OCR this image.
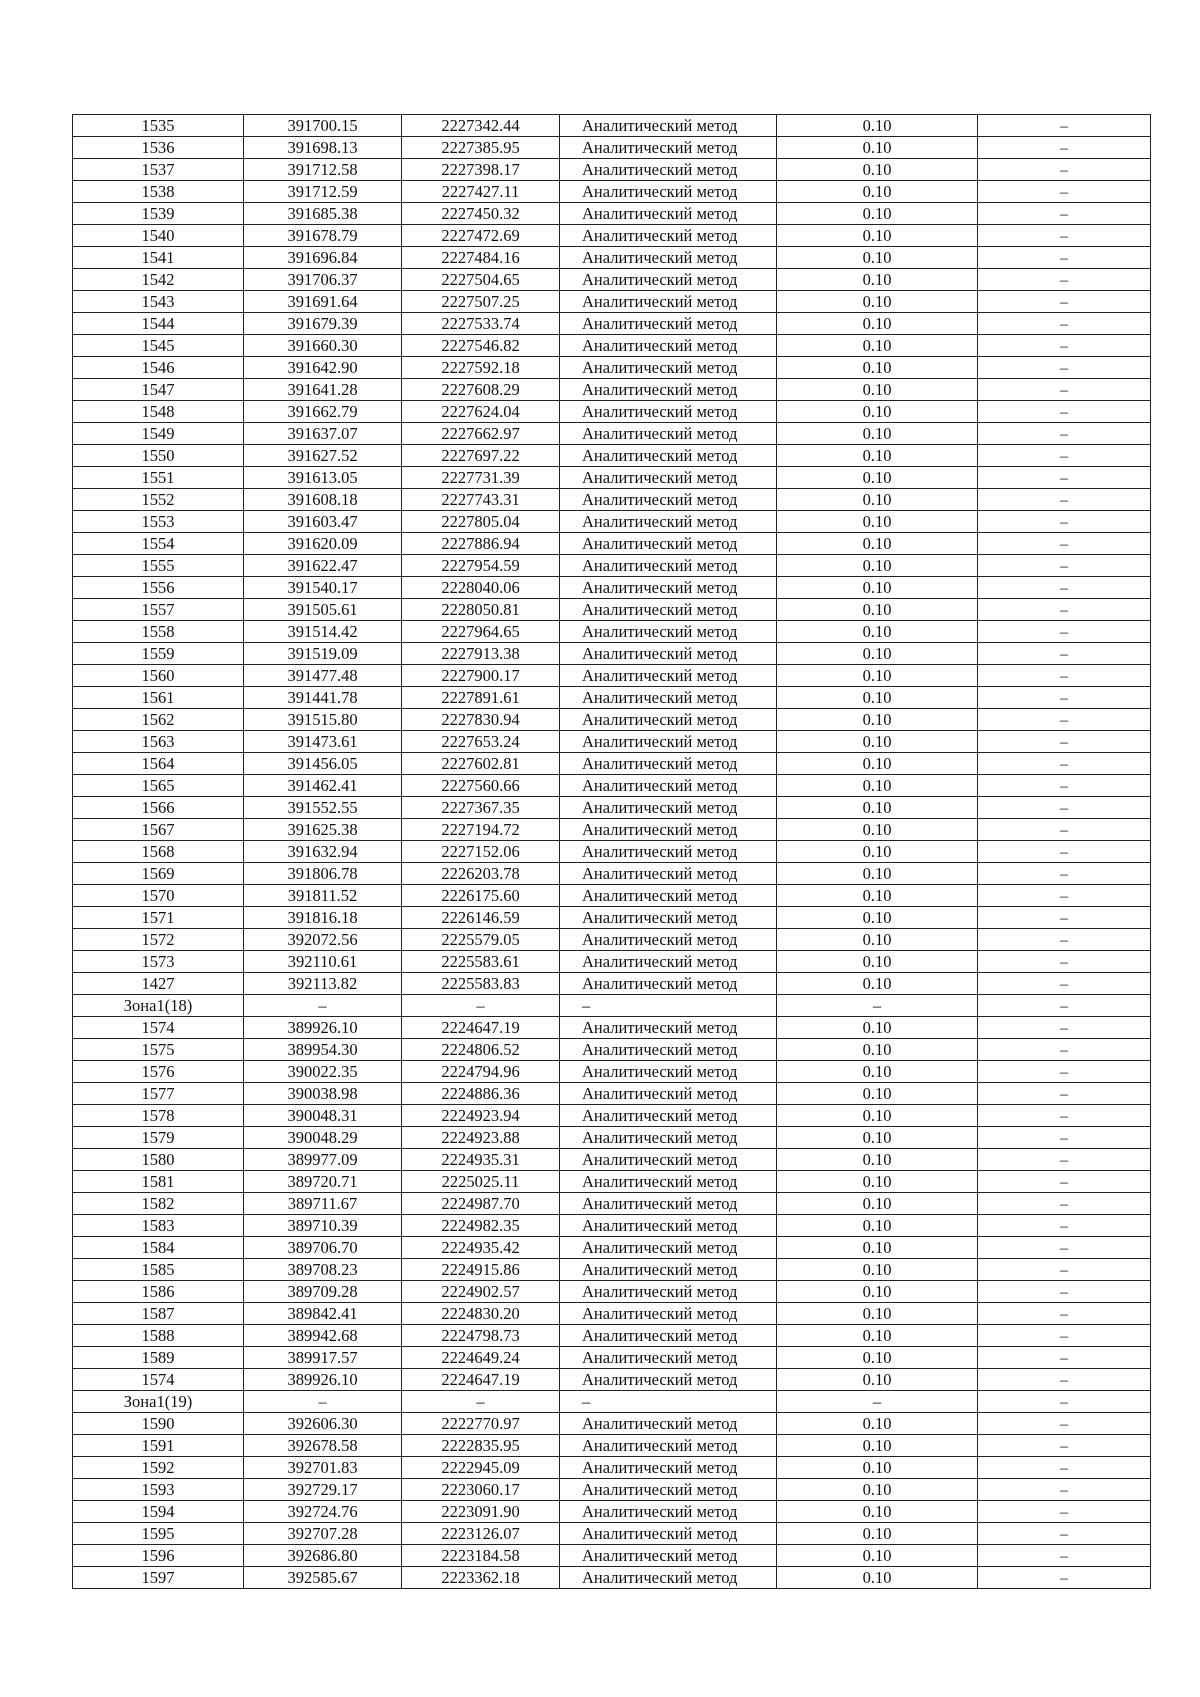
1535	391700.15	2227342.44	Аналитический метод	0.10	–
1536	391698.13	2227385.95	Аналитический метод	0.10	–
1537	391712.58	2227398.17	Аналитический метод	0.10	–
1538	391712.59	2227427.11	Аналитический метод	0.10	–
1539	391685.38	2227450.32	Аналитический метод	0.10	–
1540	391678.79	2227472.69	Аналитический метод	0.10	–
1541	391696.84	2227484.16	Аналитический метод	0.10	–
1542	391706.37	2227504.65	Аналитический метод	0.10	–
1543	391691.64	2227507.25	Аналитический метод	0.10	–
1544	391679.39	2227533.74	Аналитический метод	0.10	–
1545	391660.30	2227546.82	Аналитический метод	0.10	–
1546	391642.90	2227592.18	Аналитический метод	0.10	–
1547	391641.28	2227608.29	Аналитический метод	0.10	–
1548	391662.79	2227624.04	Аналитический метод	0.10	–
1549	391637.07	2227662.97	Аналитический метод	0.10	–
1550	391627.52	2227697.22	Аналитический метод	0.10	–
1551	391613.05	2227731.39	Аналитический метод	0.10	–
1552	391608.18	2227743.31	Аналитический метод	0.10	–
1553	391603.47	2227805.04	Аналитический метод	0.10	–
1554	391620.09	2227886.94	Аналитический метод	0.10	–
1555	391622.47	2227954.59	Аналитический метод	0.10	–
1556	391540.17	2228040.06	Аналитический метод	0.10	–
1557	391505.61	2228050.81	Аналитический метод	0.10	–
1558	391514.42	2227964.65	Аналитический метод	0.10	–
1559	391519.09	2227913.38	Аналитический метод	0.10	–
1560	391477.48	2227900.17	Аналитический метод	0.10	–
1561	391441.78	2227891.61	Аналитический метод	0.10	–
1562	391515.80	2227830.94	Аналитический метод	0.10	–
1563	391473.61	2227653.24	Аналитический метод	0.10	–
1564	391456.05	2227602.81	Аналитический метод	0.10	–
1565	391462.41	2227560.66	Аналитический метод	0.10	–
1566	391552.55	2227367.35	Аналитический метод	0.10	–
1567	391625.38	2227194.72	Аналитический метод	0.10	–
1568	391632.94	2227152.06	Аналитический метод	0.10	–
1569	391806.78	2226203.78	Аналитический метод	0.10	–
1570	391811.52	2226175.60	Аналитический метод	0.10	–
1571	391816.18	2226146.59	Аналитический метод	0.10	–
1572	392072.56	2225579.05	Аналитический метод	0.10	–
1573	392110.61	2225583.61	Аналитический метод	0.10	–
1427	392113.82	2225583.83	Аналитический метод	0.10	–
Зона1(18)	–	–	–	–	–
1574	389926.10	2224647.19	Аналитический метод	0.10	–
1575	389954.30	2224806.52	Аналитический метод	0.10	–
1576	390022.35	2224794.96	Аналитический метод	0.10	–
1577	390038.98	2224886.36	Аналитический метод	0.10	–
1578	390048.31	2224923.94	Аналитический метод	0.10	–
1579	390048.29	2224923.88	Аналитический метод	0.10	–
1580	389977.09	2224935.31	Аналитический метод	0.10	–
1581	389720.71	2225025.11	Аналитический метод	0.10	–
1582	389711.67	2224987.70	Аналитический метод	0.10	–
1583	389710.39	2224982.35	Аналитический метод	0.10	–
1584	389706.70	2224935.42	Аналитический метод	0.10	–
1585	389708.23	2224915.86	Аналитический метод	0.10	–
1586	389709.28	2224902.57	Аналитический метод	0.10	–
1587	389842.41	2224830.20	Аналитический метод	0.10	–
1588	389942.68	2224798.73	Аналитический метод	0.10	–
1589	389917.57	2224649.24	Аналитический метод	0.10	–
1574	389926.10	2224647.19	Аналитический метод	0.10	–
Зона1(19)	–	–	–	–	–
1590	392606.30	2222770.97	Аналитический метод	0.10	–
1591	392678.58	2222835.95	Аналитический метод	0.10	–
1592	392701.83	2222945.09	Аналитический метод	0.10	–
1593	392729.17	2223060.17	Аналитический метод	0.10	–
1594	392724.76	2223091.90	Аналитический метод	0.10	–
1595	392707.28	2223126.07	Аналитический метод	0.10	–
1596	392686.80	2223184.58	Аналитический метод	0.10	–
1597	392585.67	2223362.18	Аналитический метод	0.10	–
